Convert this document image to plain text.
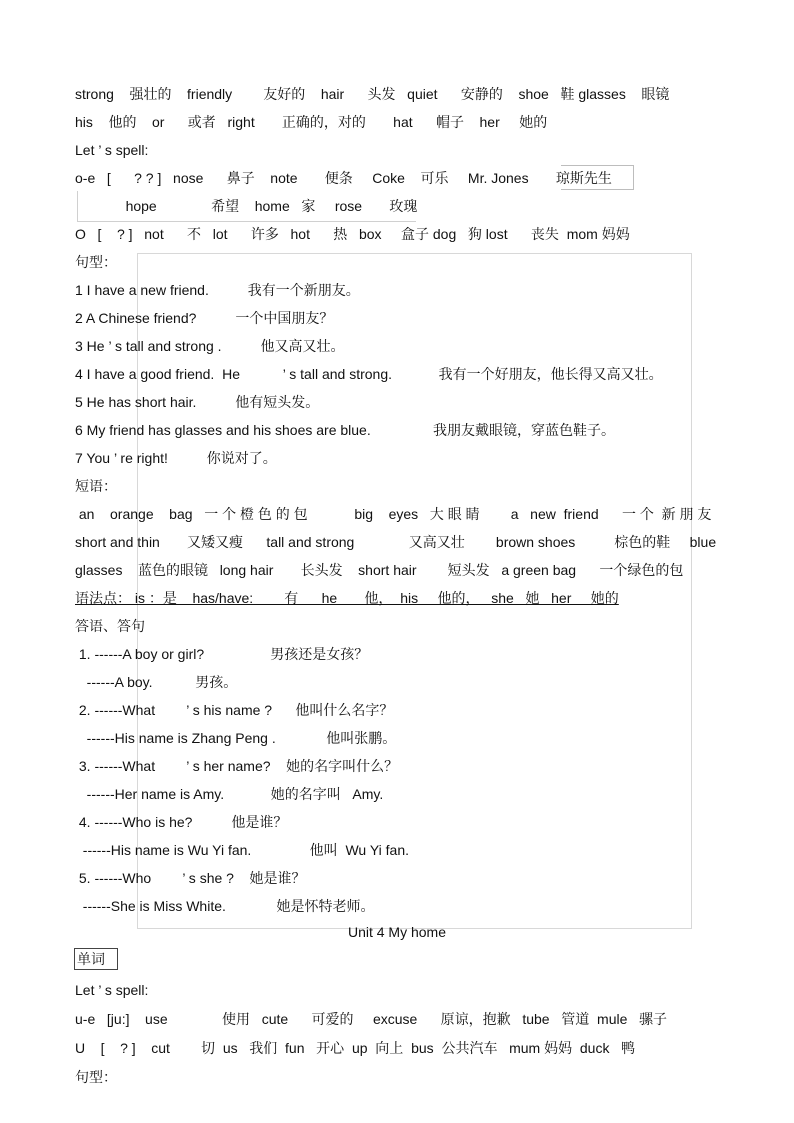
strong    强壮的    friendly        友好的    hair      头发   quiet      安静的    shoe   鞋 glasses    眼镜
his    他的    or      或者   right       正确的，对的       hat      帽子    her     她的
Let ’ s spell:
o-e   [      ? ? ]   nose      鼻子    note       便条     Coke    可乐     Mr. Jones       琼斯先生
hope              希望    home   家     rose       玫瑰
O   [    ? ]   not      不   lot      许多   hot      热   box     盒子 dog   狗 lost      丧失  mom 妈妈
句型：
1 I have a new friend.          我有一个新朋友。
2 A Chinese friend?          一个中国朋友？
3 He ’ s tall and strong .          他又高又壮。
4 I have a good friend.  He           ’ s tall and strong.            我有一个好朋友，他长得又高又壮。
5 He has short hair.          他有短头发。
6 My friend has glasses and his shoes are blue.                我朋友戴眼镜，穿蓝色鞋子。
7 You ’ re right!          你说对了。
短语：
an    orange    bag   一 个 橙 色 的 包            big    eyes   大 眼 睛        a   new  friend      一 个  新 朋 友
short and thin       又矮又瘦      tall and strong              又高又壮        brown shoes          棕色的鞋     blue
glasses    蓝色的眼镜   long hair       长头发    short hair        短头发   a green bag      一个绿色的包
语法点： is ：是    has/have:        有      he       他，  his     他的，   she   她   her     她的
答语、答句
1. ------A boy or girl?                 男孩还是女孩？
------A boy.           男孩。
2. ------What        ’ s his name ?      他叫什么名字？
------His name is Zhang Peng .             他叫张鹏。
3. ------What        ’ s her name?    她的名字叫什么？
------Her name is Amy.            她的名字叫   Amy.
4. ------Who is he?          他是谁？
------His name is Wu Yi fan.               他叫  Wu Yi fan.
5. ------Who        ’ s she ?    她是谁？
------She is Miss White.             她是怀特老师。
Unit 4 My home
单词
Let ’ s spell:
u-e   [ju:]    use              使用   cute      可爱的     excuse      原谅，抱歉   tube   管道  mule   骡子
U    [    ? ]    cut        切  us   我们  fun   开心  up  向上  bus  公共汽车   mum 妈妈  duck   鸭
句型：
